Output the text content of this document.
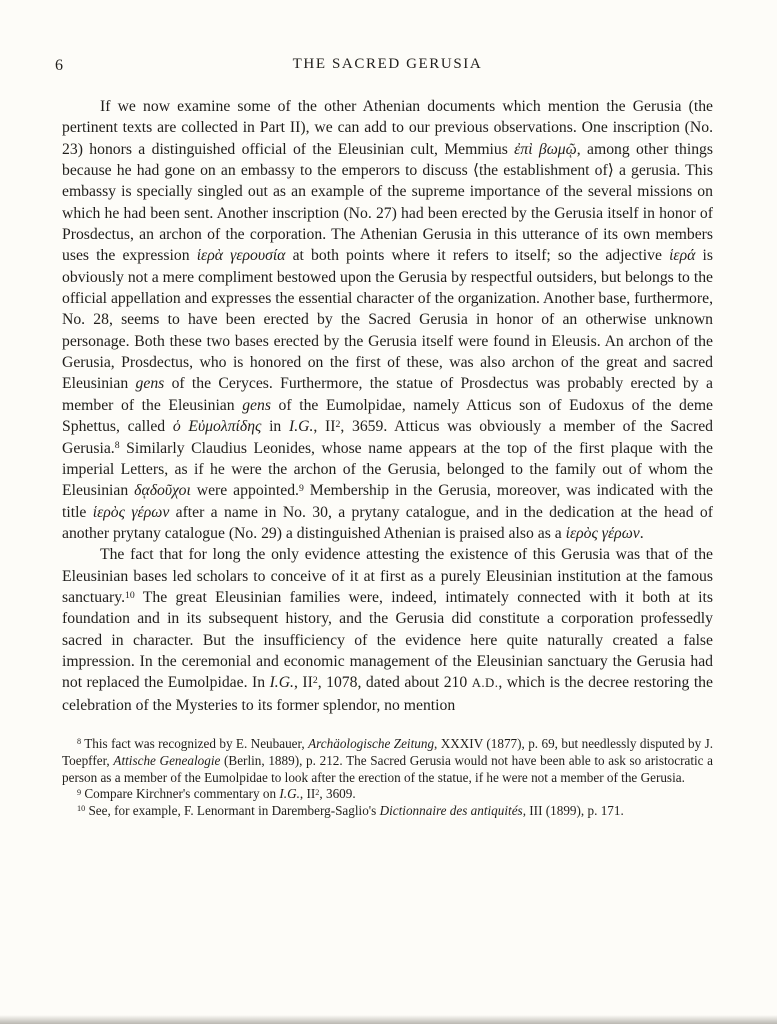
6	THE SACRED GERUSIA

If we now examine some of the other Athenian documents which mention the Gerusia (the pertinent texts are collected in Part II), we can add to our previous observations. One inscription (No. 23) honors a distinguished official of the Eleusinian cult, Memmius ἐπὶ βωμῷ, among other things because he had gone on an embassy to the emperors to discuss ⟨the establishment of⟩ a gerusia. This embassy is specially singled out as an example of the supreme importance of the several missions on which he had been sent. Another inscription (No. 27) had been erected by the Gerusia itself in honor of Prosdectus, an archon of the corporation. The Athenian Gerusia in this utterance of its own members uses the expression ἱερὰ γερουσία at both points where it refers to itself; so the adjective ἱερά is obviously not a mere compliment bestowed upon the Gerusia by respectful outsiders, but belongs to the official appellation and expresses the essential character of the organization. Another base, furthermore, No. 28, seems to have been erected by the Sacred Gerusia in honor of an otherwise unknown personage. Both these two bases erected by the Gerusia itself were found in Eleusis. An archon of the Gerusia, Prosdectus, who is honored on the first of these, was also archon of the great and sacred Eleusinian gens of the Ceryces. Furthermore, the statue of Prosdectus was probably erected by a member of the Eleusinian gens of the Eumolpidae, namely Atticus son of Eudoxus of the deme Sphettus, called ὁ Εὐμολπίδης in I.G., $II^2$, 3659. Atticus was obviously a member of the Sacred Gerusia.$^8$ Similarly Claudius Leonides, whose name appears at the top of the first plaque with the imperial Letters, as if he were the archon of the Gerusia, belonged to the family out of whom the Eleusinian δᾳδοῦχοι were appointed.$^9$ Membership in the Gerusia, moreover, was indicated with the title ἱερὸς γέρων after a name in No. 30, a prytany catalogue, and in the dedication at the head of another prytany catalogue (No. 29) a distinguished Athenian is praised also as a ἱερὸς γέρων.

The fact that for long the only evidence attesting the existence of this Gerusia was that of the Eleusinian bases led scholars to conceive of it at first as a purely Eleusinian institution at the famous sanctuary.$^{10}$ The great Eleusinian families were, indeed, intimately connected with it both at its foundation and in its subsequent history, and the Gerusia did constitute a corporation professedly sacred in character. But the insufficiency of the evidence here quite naturally created a false impression. In the ceremonial and economic management of the Eleusinian sanctuary the Gerusia had not replaced the Eumolpidae. In I.G., $II^2$, 1078, dated about 210 A.D., which is the decree restoring the celebration of the Mysteries to its former splendor, no mention

$^8$ This fact was recognized by E. Neubauer, Archäologische Zeitung, XXXIV (1877), p. 69, but needlessly disputed by J. Toepffer, Attische Genealogie (Berlin, 1889), p. 212. The Sacred Gerusia would not have been able to ask so aristocratic a person as a member of the Eumolpidae to look after the erection of the statue, if he were not a member of the Gerusia.

$^9$ Compare Kirchner's commentary on I.G., $II^2$, 3609.

$^{10}$ See, for example, F. Lenormant in Daremberg-Saglio's Dictionnaire des antiquités, III (1899), p. 171.
